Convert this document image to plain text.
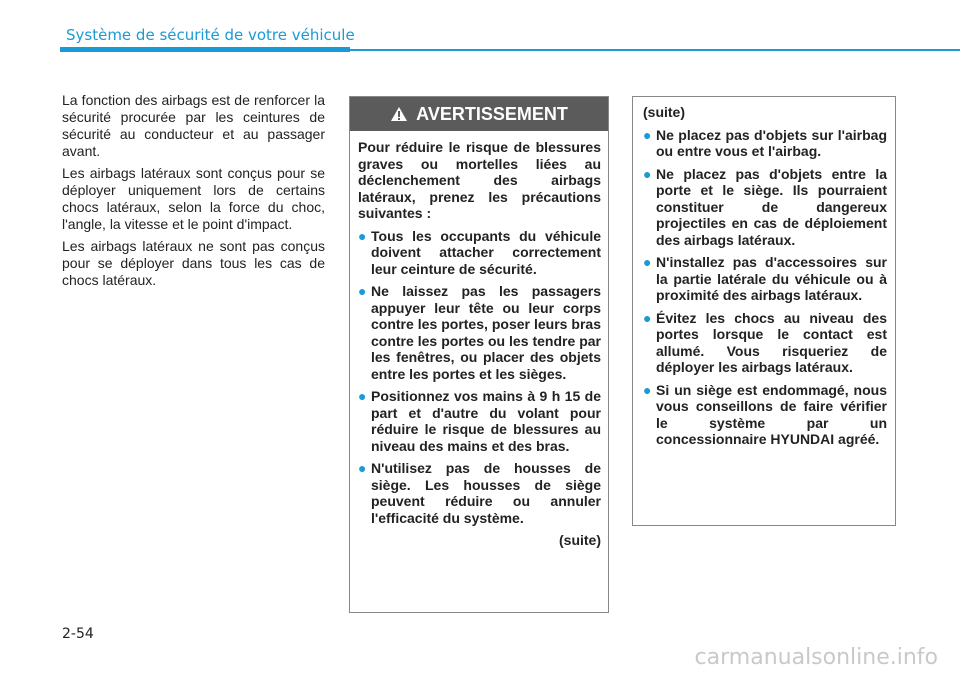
Système de sécurité de votre véhicule

La fonction des airbags est de renforcer la sécurité procurée par les ceintures de sécurité au conducteur et au passager avant.

Les airbags latéraux sont conçus pour se déployer uniquement lors de certains chocs latéraux, selon la force du choc, l'angle, la vitesse et le point d'impact.

Les airbags latéraux ne sont pas conçus pour se déployer dans tous les cas de chocs latéraux.

AVERTISSEMENT

Pour réduire le risque de blessures graves ou mortelles liées au déclenchement des airbags latéraux, prenez les précautions suivantes :

● Tous les occupants du véhicule doivent attacher correctement leur ceinture de sécurité.
● Ne laissez pas les passagers appuyer leur tête ou leur corps contre les portes, poser leurs bras contre les portes ou les tendre par les fenêtres, ou placer des objets entre les portes et les sièges.
● Positionnez vos mains à 9 h 15 de part et d'autre du volant pour réduire le risque de blessures au niveau des mains et des bras.
● N'utilisez pas de housses de siège. Les housses de siège peuvent réduire ou annuler l'efficacité du système.
(suite)

(suite)

● Ne placez pas d'objets sur l'airbag ou entre vous et l'airbag.
● Ne placez pas d'objets entre la porte et le siège. Ils pourraient constituer de dangereux projectiles en cas de déploiement des airbags latéraux.
● N'installez pas d'accessoires sur la partie latérale du véhicule ou à proximité des airbags latéraux.
● Évitez les chocs au niveau des portes lorsque le contact est allumé. Vous risqueriez de déployer les airbags latéraux.
● Si un siège est endommagé, nous vous conseillons de faire vérifier le système par un concessionnaire HYUNDAI agréé.
2-54
carmanualsonline.info
